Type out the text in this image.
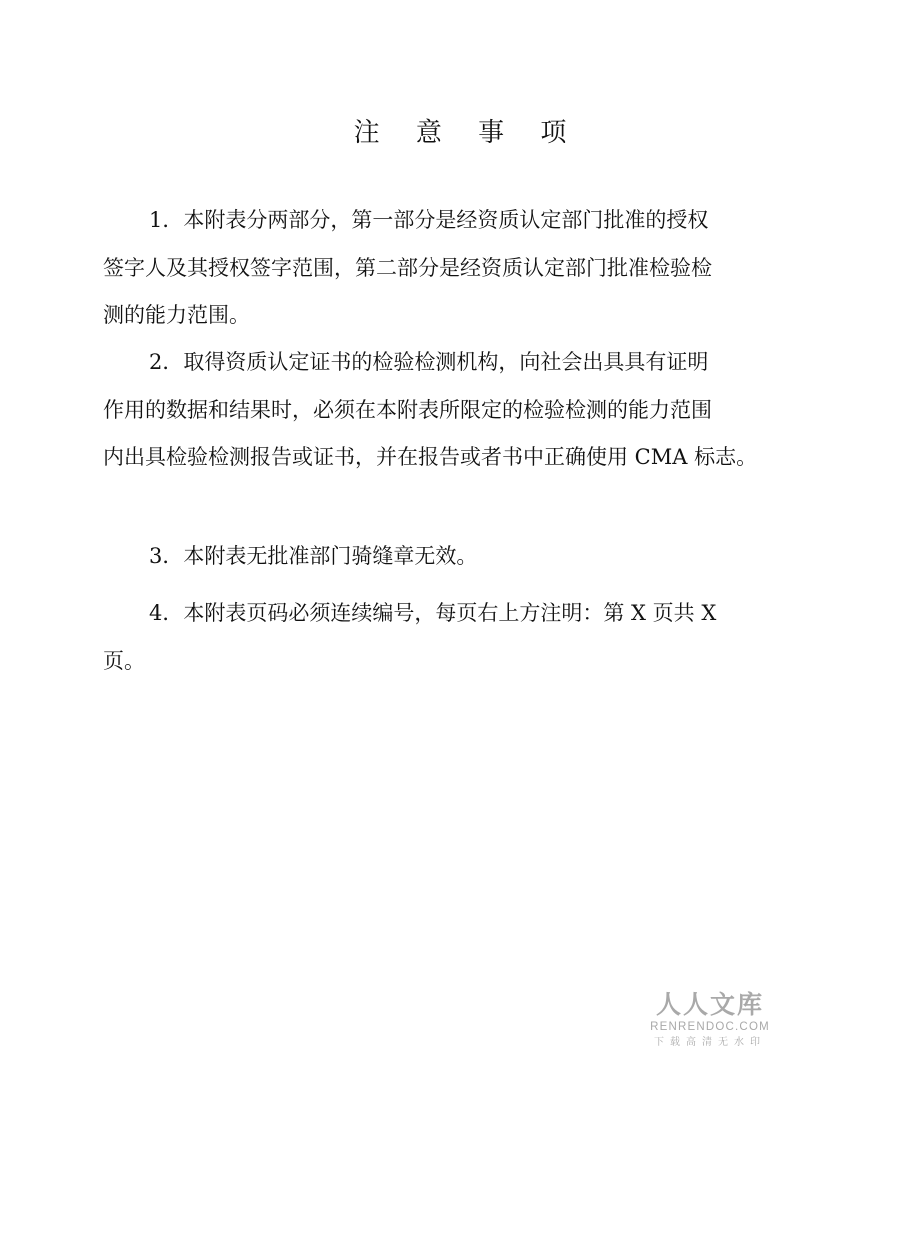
注 意 事 项
1．本附表分两部分，第一部分是经资质认定部门批准的授权
签字人及其授权签字范围，第二部分是经资质认定部门批准检验检
测的能力范围。
2．取得资质认定证书的检验检测机构，向社会出具具有证明
作用的数据和结果时，必须在本附表所限定的检验检测的能力范围
内出具检验检测报告或证书，并在报告或者书中正确使用 CMA 标志。
3．本附表无批准部门骑缝章无效。
4．本附表页码必须连续编号，每页右上方注明：第 X 页共 X
页。
人人文库
RENRENDOC.COM
下载高清无水印
